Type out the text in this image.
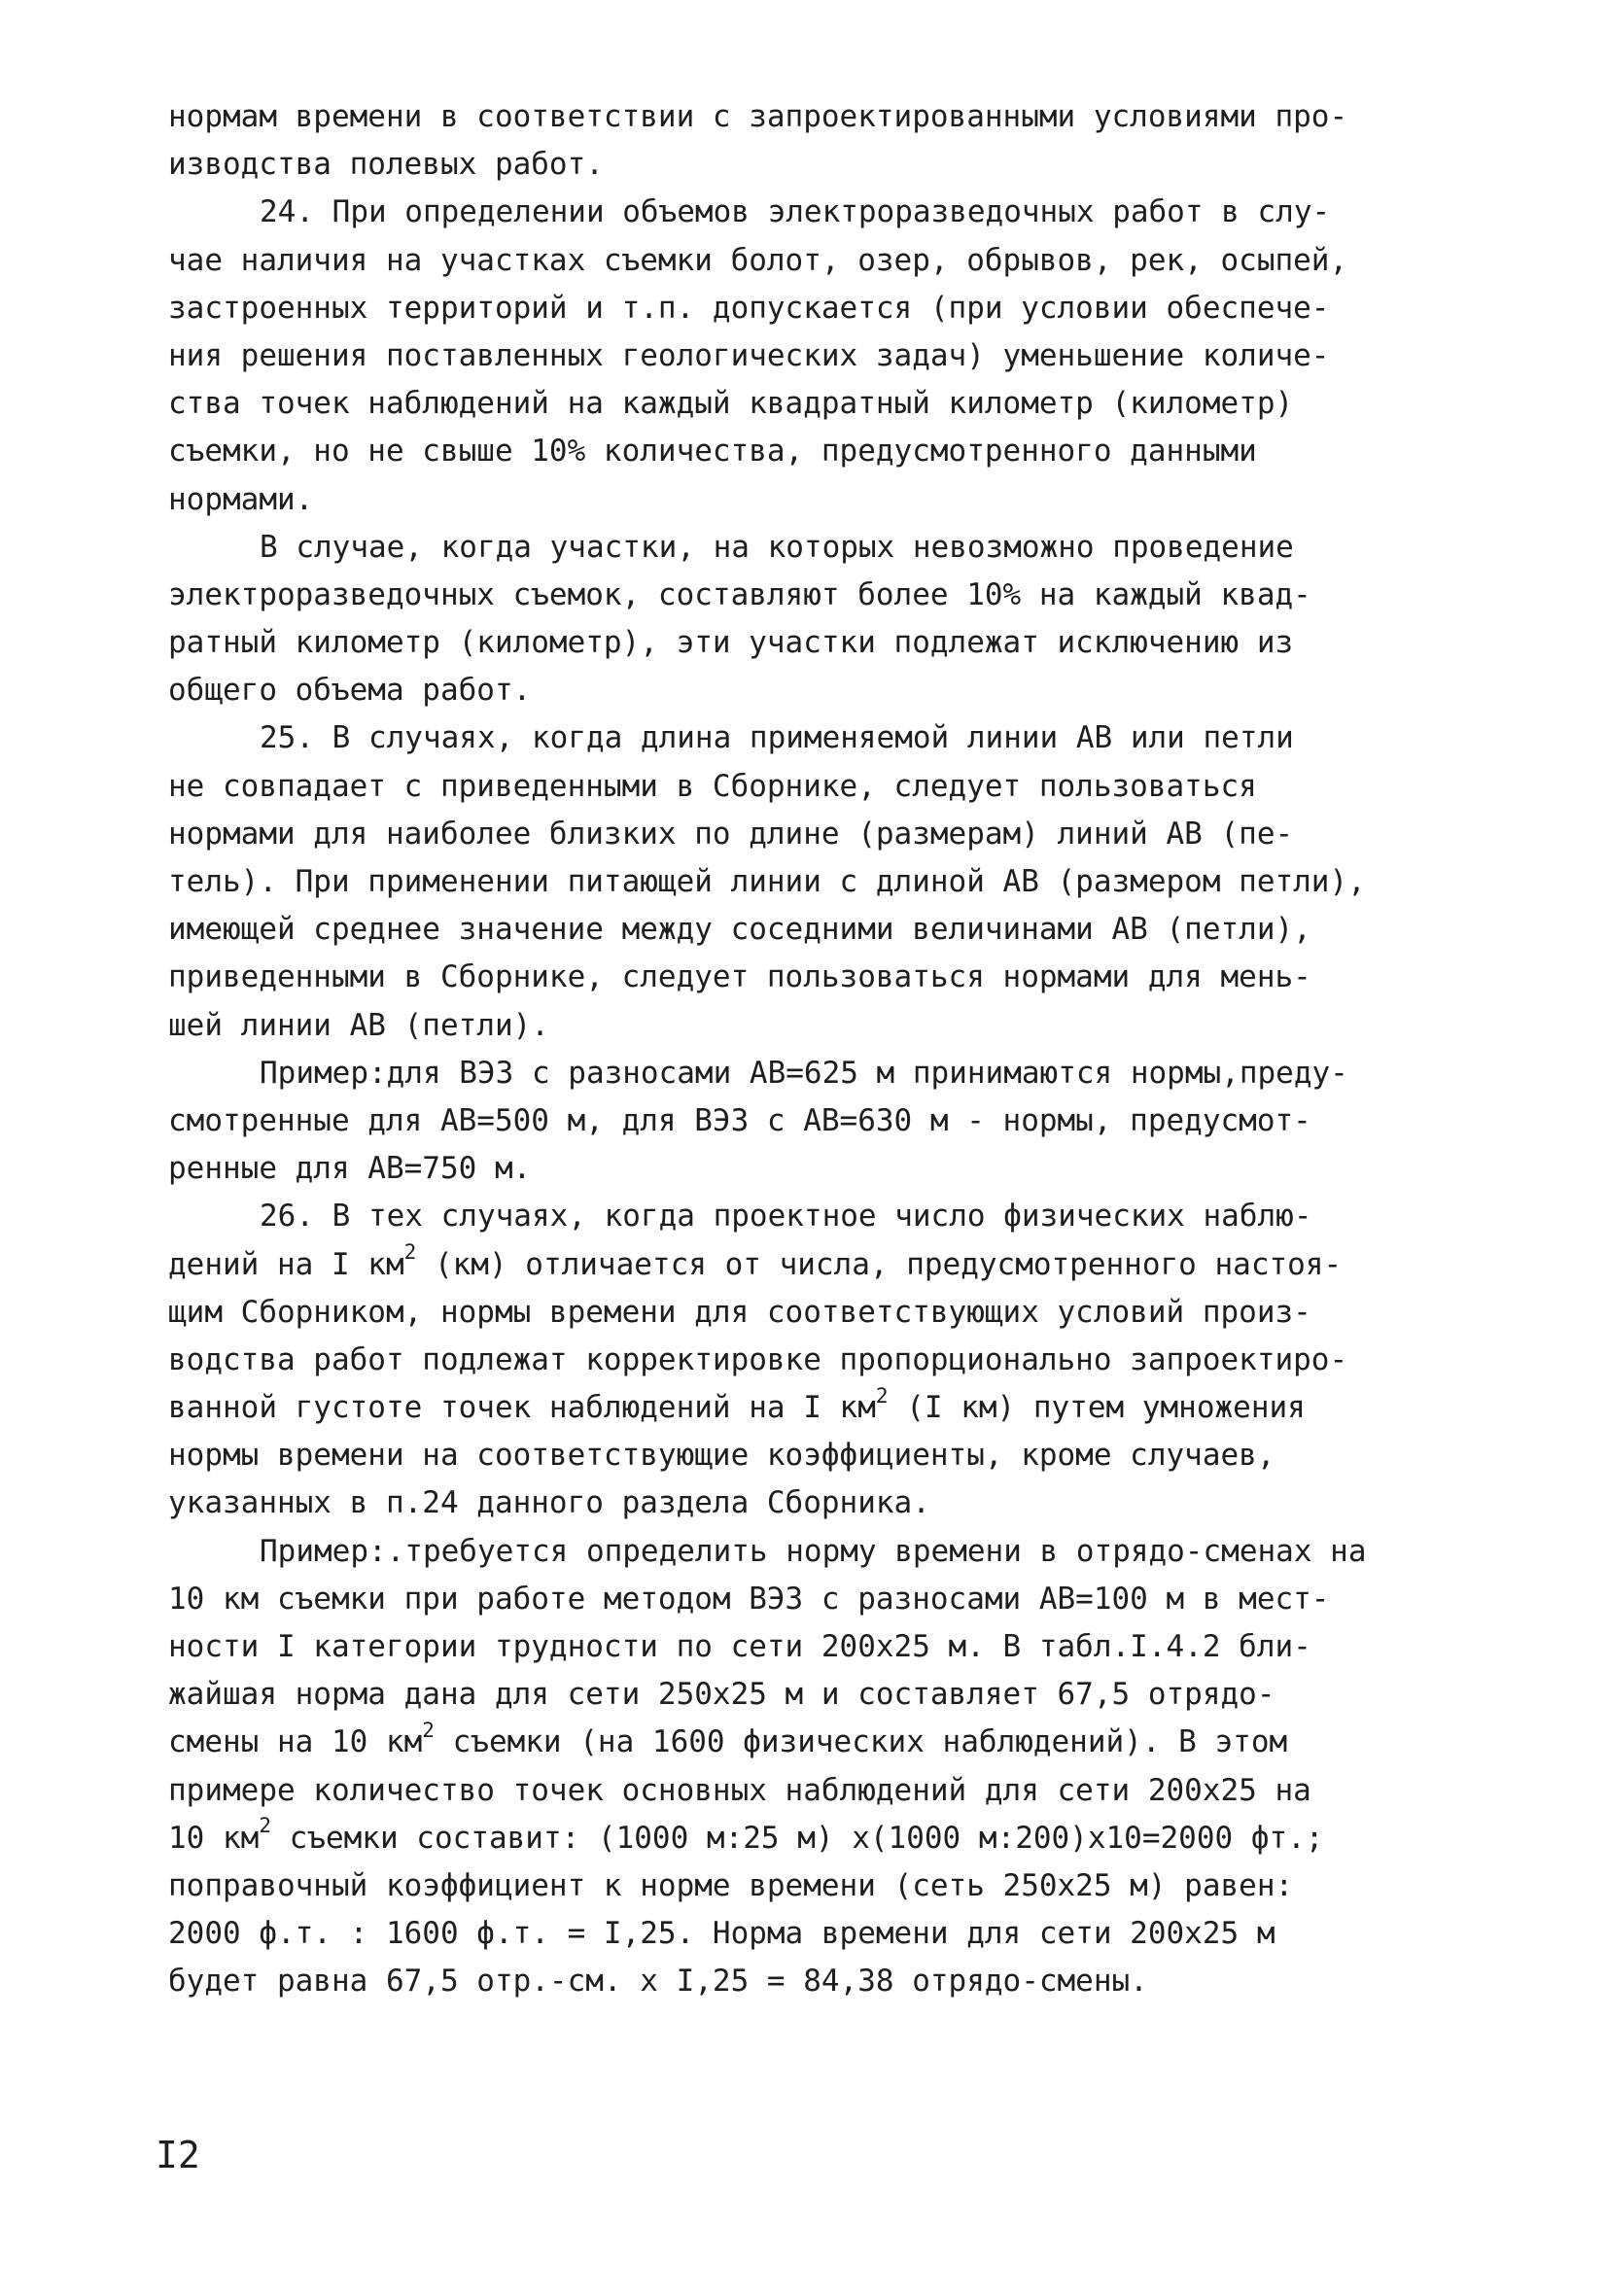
нормам времени в соответствии с запроектированными условиями про-
изводства полевых работ.
24. При определении объемов электроразведочных работ в слу-
чае наличия на участках съемки болот, озер, обрывов, рек, осыпей,
застроенных территорий и т.п. допускается (при условии обеспече-
ния решения поставленных геологических задач) уменьшение количе-
ства точек наблюдений на каждый квадратный километр (километр)
съемки, но не свыше 10% количества, предусмотренного данными
нормами.
В случае, когда участки, на которых невозможно проведение
электроразведочных съемок, составляют более 10% на каждый квад-
ратный километр (километр), эти участки подлежат исключению из
общего объема работ.
25. В случаях, когда длина применяемой линии АВ или петли
не совпадает с приведенными в Сборнике, следует пользоваться
нормами для наиболее близких по длине (размерам) линий АВ (пе-
тель). При применении питающей линии с длиной АВ (размером петли),
имеющей среднее значение между соседними величинами АВ (петли),
приведенными в Сборнике, следует пользоваться нормами для мень-
шей линии АВ (петли).
Пример:для ВЭЗ с разносами АВ=625 м принимаются нормы,преду-
смотренные для АВ=500 м, для ВЭЗ с АВ=630 м - нормы, предусмот-
ренные для АВ=750 м.
26. В тех случаях, когда проектное число физических наблю-
дений на I $км^2$ (км) отличается от числа, предусмотренного настоя-
щим Сборником, нормы времени для соответствующих условий произ-
водства работ подлежат корректировке пропорционально запроектиро-
ванной густоте точек наблюдений на I $км^2$ (I км) путем умножения
нормы времени на соответствующие коэффициенты, кроме случаев,
указанных в п.24 данного раздела Сборника.
Пример:.требуется определить норму времени в отрядо-сменах на
10 км съемки при работе методом ВЭЗ с разносами АВ=100 м в мест-
ности I категории трудности по сети 200х25 м. В табл.I.4.2 бли-
жайшая норма дана для сети 250х25 м и составляет 67,5 отрядо-
смены на 10 $км^2$ съемки (на 1600 физических наблюдений). В этом
примере количество точек основных наблюдений для сети 200х25 на
10 $км^2$ съемки составит: (1000 м:25 м) х(1000 м:200)х10=2000 фт.;
поправочный коэффициент к норме времени (сеть 250х25 м) равен:
2000 ф.т. : 1600 ф.т. = I,25. Норма времени для сети 200х25 м
будет равна 67,5 отр.-см. х I,25 = 84,38 отрядо-смены.
I2
